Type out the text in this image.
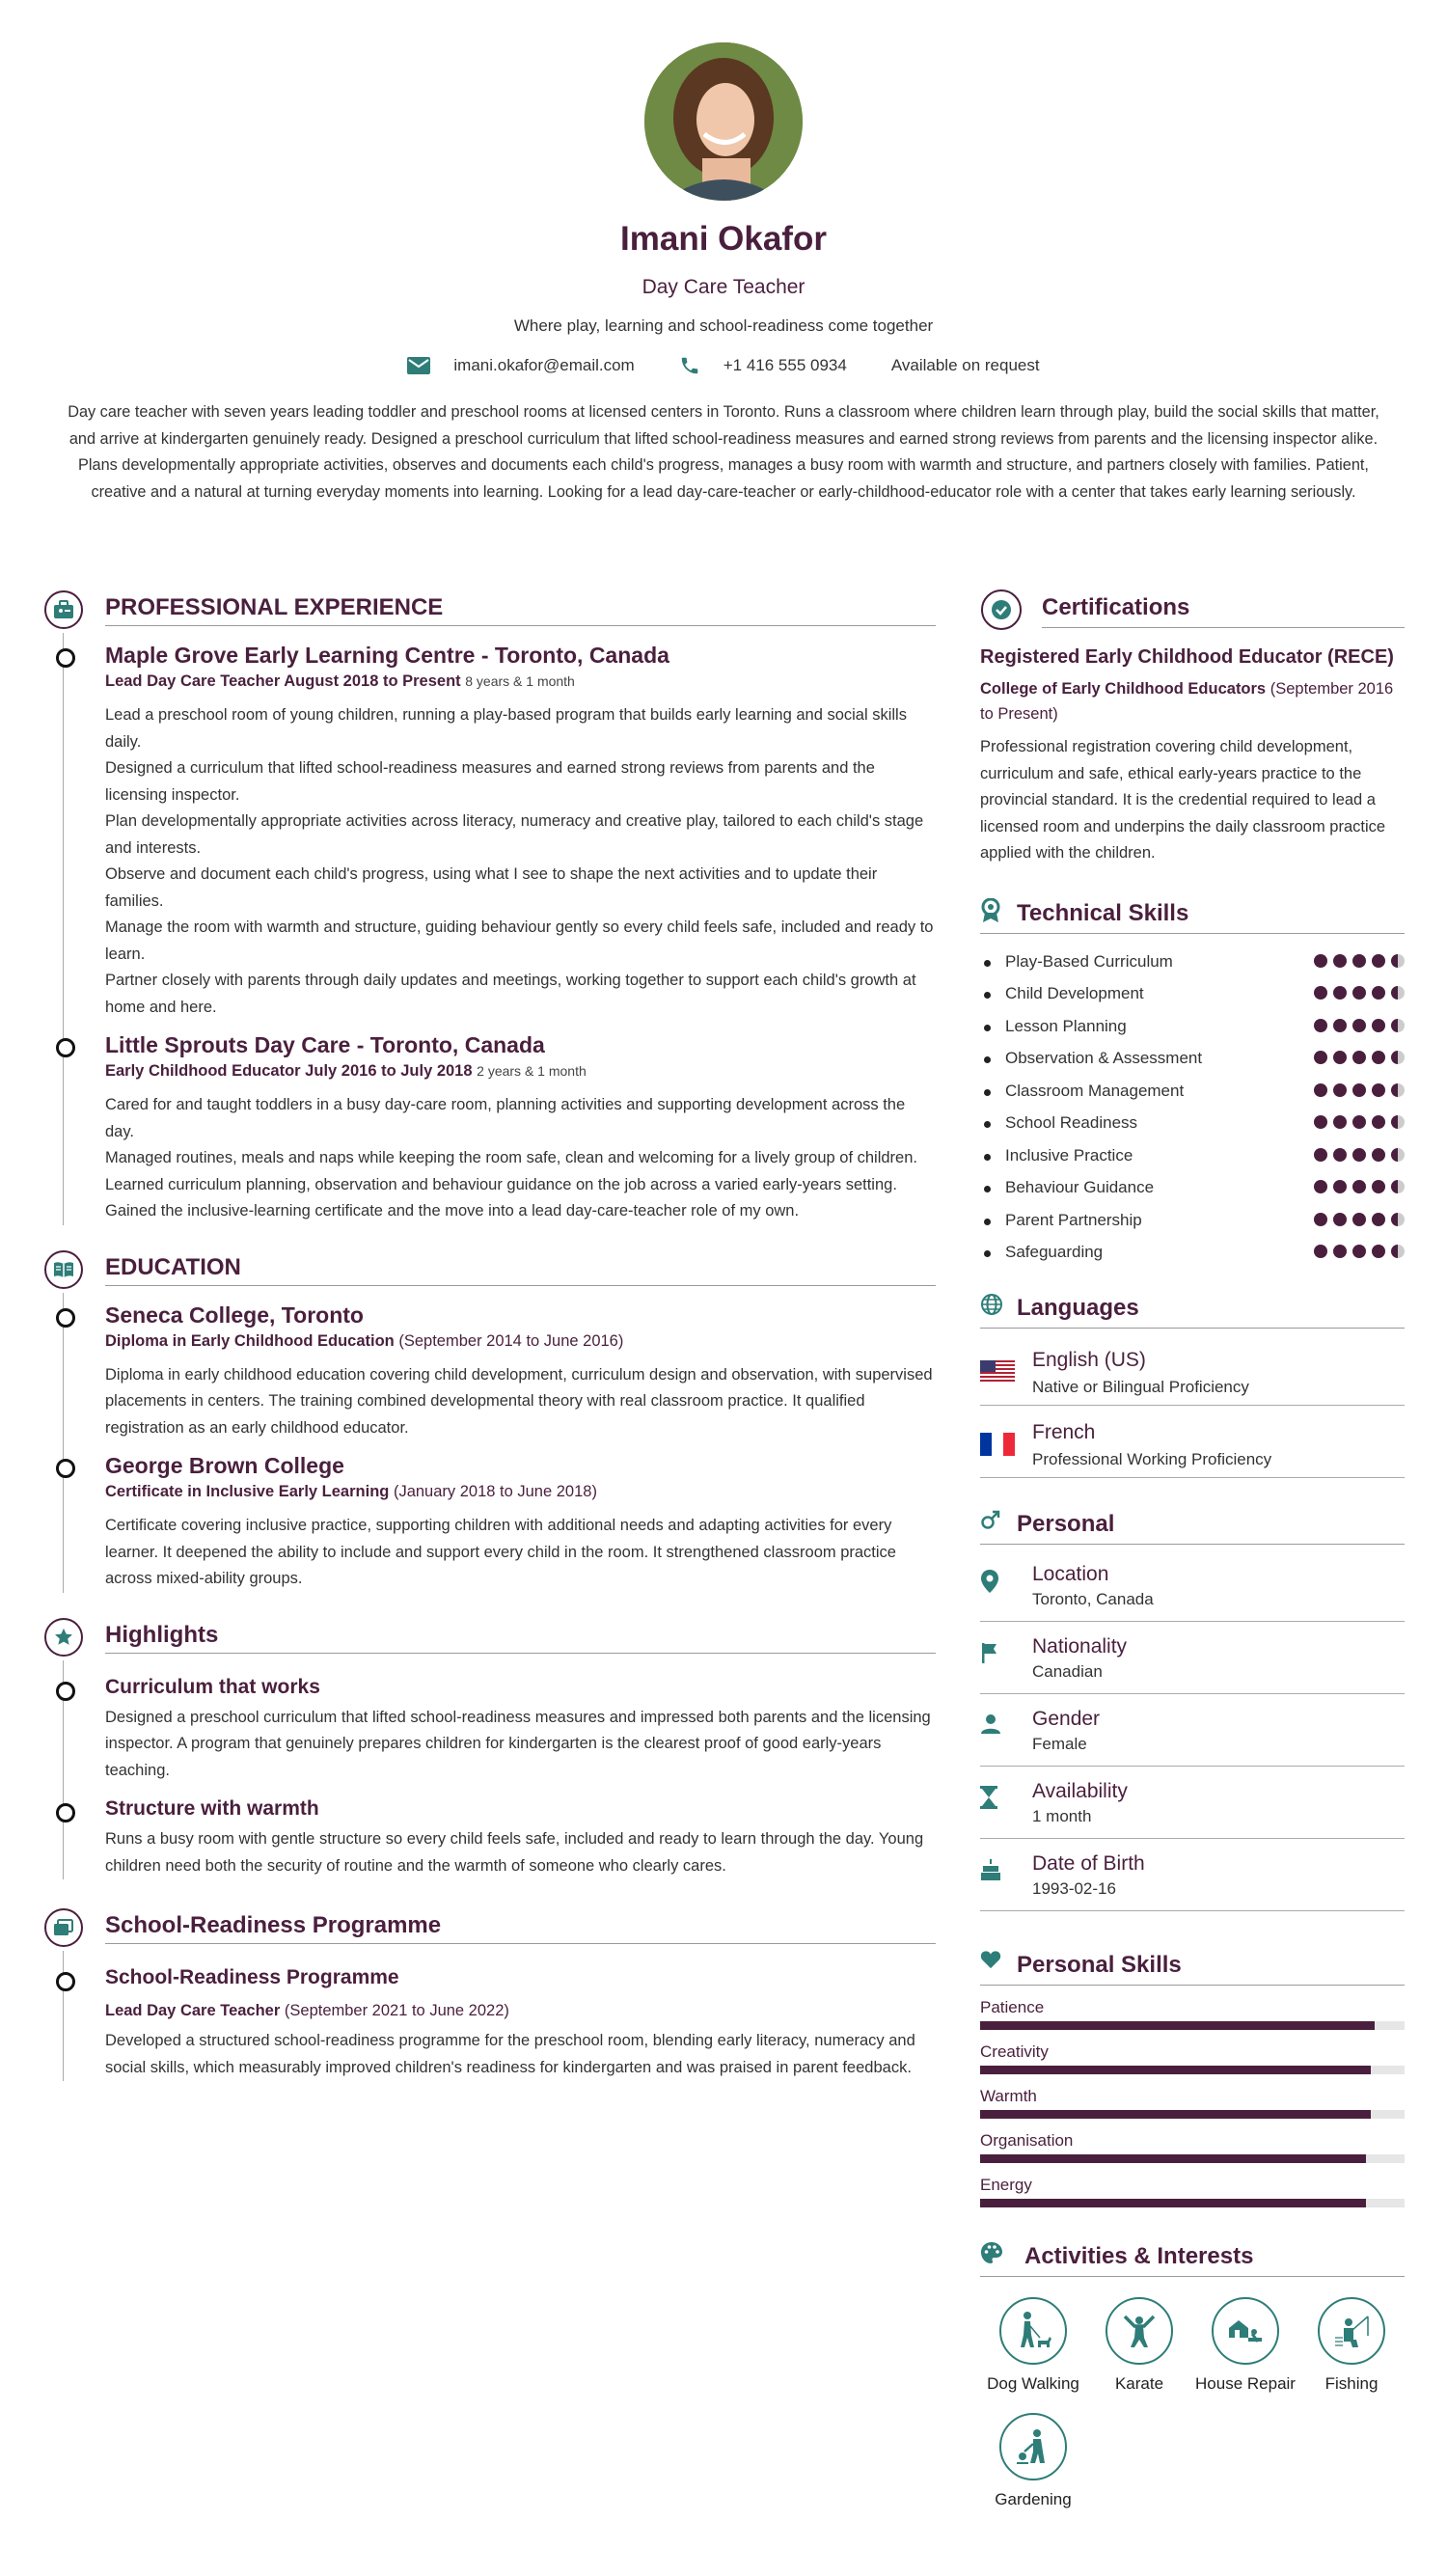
Imani Okafor
Day Care Teacher
Where play, learning and school-readiness come together
imani.okafor@email.com	+1 416 555 0934	Available on request
Day care teacher with seven years leading toddler and preschool rooms at licensed centers in Toronto. Runs a classroom where children learn through play, build the social skills that matter, and arrive at kindergarten genuinely ready. Designed a preschool curriculum that lifted school-readiness measures and earned strong reviews from parents and the licensing inspector alike. Plans developmentally appropriate activities, observes and documents each child's progress, manages a busy room with warmth and structure, and partners closely with families. Patient, creative and a natural at turning everyday moments into learning. Looking for a lead day-care-teacher or early-childhood-educator role with a center that takes early learning seriously.
PROFESSIONAL EXPERIENCE
Maple Grove Early Learning Centre - Toronto, Canada
Lead Day Care Teacher August 2018 to Present 8 years & 1 month
Lead a preschool room of young children, running a play-based program that builds early learning and social skills daily.
Designed a curriculum that lifted school-readiness measures and earned strong reviews from parents and the licensing inspector.
Plan developmentally appropriate activities across literacy, numeracy and creative play, tailored to each child's stage and interests.
Observe and document each child's progress, using what I see to shape the next activities and to update their families.
Manage the room with warmth and structure, guiding behaviour gently so every child feels safe, included and ready to learn.
Partner closely with parents through daily updates and meetings, working together to support each child's growth at home and here.
Little Sprouts Day Care - Toronto, Canada
Early Childhood Educator July 2016 to July 2018 2 years & 1 month
Cared for and taught toddlers in a busy day-care room, planning activities and supporting development across the day.
Managed routines, meals and naps while keeping the room safe, clean and welcoming for a lively group of children.
Learned curriculum planning, observation and behaviour guidance on the job across a varied early-years setting.
Gained the inclusive-learning certificate and the move into a lead day-care-teacher role of my own.
EDUCATION
Seneca College, Toronto
Diploma in Early Childhood Education (September 2014 to June 2016)
Diploma in early childhood education covering child development, curriculum design and observation, with supervised placements in centers. The training combined developmental theory with real classroom practice. It qualified registration as an early childhood educator.
George Brown College
Certificate in Inclusive Early Learning (January 2018 to June 2018)
Certificate covering inclusive practice, supporting children with additional needs and adapting activities for every learner. It deepened the ability to include and support every child in the room. It strengthened classroom practice across mixed-ability groups.
Highlights
Curriculum that works
Designed a preschool curriculum that lifted school-readiness measures and impressed both parents and the licensing inspector. A program that genuinely prepares children for kindergarten is the clearest proof of good early-years teaching.
Structure with warmth
Runs a busy room with gentle structure so every child feels safe, included and ready to learn through the day. Young children need both the security of routine and the warmth of someone who clearly cares.
School-Readiness Programme
School-Readiness Programme
Lead Day Care Teacher (September 2021 to June 2022)
Developed a structured school-readiness programme for the preschool room, blending early literacy, numeracy and social skills, which measurably improved children's readiness for kindergarten and was praised in parent feedback.
Certifications
Registered Early Childhood Educator (RECE)
College of Early Childhood Educators (September 2016 to Present)
Professional registration covering child development, curriculum and safe, ethical early-years practice to the provincial standard. It is the credential required to lead a licensed room and underpins the daily classroom practice applied with the children.
Technical Skills
Play-Based Curriculum
Child Development
Lesson Planning
Observation & Assessment
Classroom Management
School Readiness
Inclusive Practice
Behaviour Guidance
Parent Partnership
Safeguarding
Languages
English (US)
Native or Bilingual Proficiency
French
Professional Working Proficiency
Personal
Location
Toronto, Canada
Nationality
Canadian
Gender
Female
Availability
1 month
Date of Birth
1993-02-16
Personal Skills
Patience
Creativity
Warmth
Organisation
Energy
Activities & Interests
Dog Walking	Karate	House Repair	Fishing
Gardening
